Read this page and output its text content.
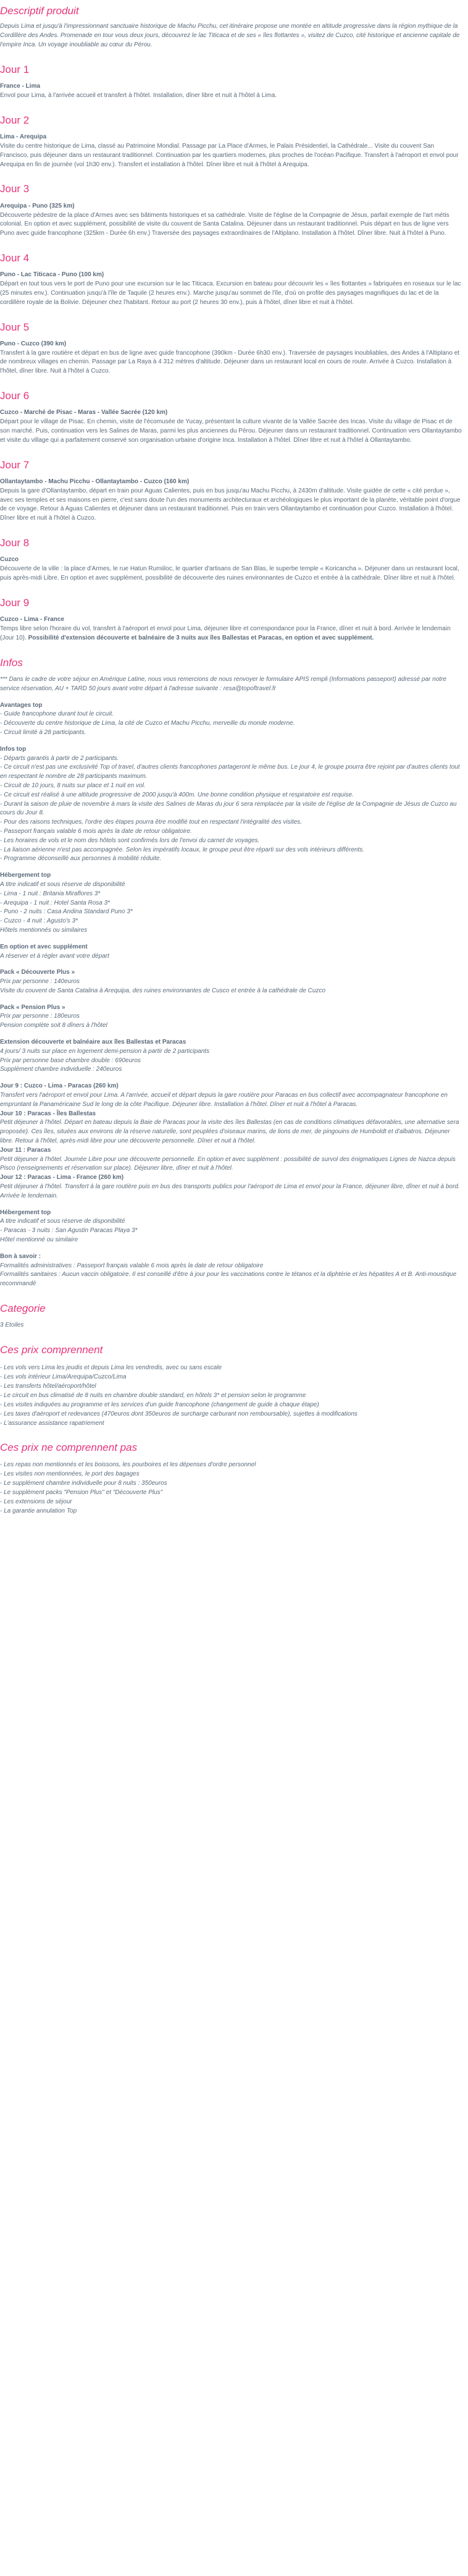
Descriptif produit

Depuis Lima et jusqu'à l'impressionnant sanctuaire historique de Machu Picchu, cet itinéraire propose une montée en altitude progressive dans la région mythique de la Cordillère des Andes. Promenade en tour vous deux jours, découvrez le lac Titicaca et de ses « îles flottantes », visitez de Cuzco, cité historique et ancienne capitale de l'empire Inca. Un voyage inoubliable au cœur du Pérou.

Jour 1

France - Lima

Envol pour Lima, à l'arrivée accueil et transfert à l'hôtel. Installation, dîner libre et nuit à l'hôtel à Lima.

Jour 2

Lima - Arequipa

Visite du centre historique de Lima, classé au Patrimoine Mondial. Passage par La Place d'Armes, le Palais Présidentiel, la Cathédrale... Visite du couvent San Francisco, puis déjeuner dans un restaurant traditionnel. Continuation par les quartiers modernes, plus proches de l'océan Pacifique. Transfert à l'aéroport et envol pour Arequipa en fin de journée (vol 1h30 env.). Transfert et installation à l'hôtel. Dîner libre et nuit à l'hôtel à Arequipa.

Jour 3

Arequipa - Puno (325 km)

Découverte pédestre de la place d'Armes avec ses bâtiments historiques et sa cathédrale. Visite de l'église de la Compagnie de Jésus, parfait exemple de l'art métis colonial. En option et avec supplément, possibilité de visite du couvent de Santa Catalina. Déjeuner dans un restaurant traditionnel. Puis départ en bus de ligne vers Puno avec guide francophone (325km - Durée 6h env.) Traversée des paysages extraordinaires de l'Altiplano. Installation à l'hôtel. Dîner libre. Nuit à l'hôtel à Puno.

Jour 4

Puno - Lac Titicaca - Puno (100 km)

Départ en tout tous vers le port de Puno pour une excursion sur le lac Titicaca. Excursion en bateau pour découvrir les « îles flottantes » fabriquées en roseaux sur le lac (25 minutes env.). Continuation jusqu'à l'île de Taquile (2 heures env.). Marche jusqu'au sommet de l'île, d'où on profite des paysages magnifiques du lac et de la cordillère royale de la Bolivie. Déjeuner chez l'habitant. Retour au port (2 heures 30 env.), puis à l'hôtel, dîner libre et nuit à l'hôtel.

Jour 5

Puno - Cuzco (390 km)

Transfert à la gare routière et départ en bus de ligne avec guide francophone (390km - Durée 6h30 env.). Traversée de paysages inoubliables, des Andes à l'Altiplano et de nombreux villages en chemin. Passage par La Raya à 4 312 mètres d'altitude. Déjeuner dans un restaurant local en cours de route. Arrivée à Cuzco. Installation à l'hôtel, dîner libre. Nuit à l'hôtel à Cuzco.

Jour 6

Cuzco - Marché de Pisac - Maras - Vallée Sacrée (120 km)

Départ pour le village de Pisac. En chemin, visite de l'écomusée de Yucay, présentant la culture vivante de la Vallée Sacrée des Incas. Visite du village de Pisac et de son marché. Puis, continuation vers les Salines de Maras, parmi les plus anciennes du Pérou. Déjeuner dans un restaurant traditionnel. Continuation vers Ollantaytambo et visite du village qui a parfaitement conservé son organisation urbaine d'origine Inca. Installation à l'hôtel. Dîner libre et nuit à l'hôtel à Ollantaytambo.

Jour 7

Ollantaytambo - Machu Picchu - Ollantaytambo - Cuzco (160 km)

Depuis la gare d'Ollantaytambo, départ en train pour Aguas Calientes, puis en bus jusqu'au Machu Picchu, à 2430m d'altitude. Visite guidée de cette « cité perdue », avec ses temples et ses maisons en pierre, c'est sans doute l'un des monuments architecturaux et archéologiques le plus important de la planète, véritable point d'orgue de ce voyage. Retour à Aguas Calientes et déjeuner dans un restaurant traditionnel. Puis en train vers Ollantaytambo et continuation pour Cuzco. Installation à l'hôtel. Dîner libre et nuit à l'hôtel à Cuzco.

Jour 8

Cuzco

Découverte de la ville : la place d'Armes, le rue Hatun Rumiiloc, le quartier d'artisans de San Blas, le superbe temple « Koricancha ». Déjeuner dans un restaurant local, puis après-midi Libre. En option et avec supplément, possibilité de découverte des ruines environnantes de Cuzco et entrée à la cathédrale. Dîner libre et nuit à l'hôtel.

Jour 9

Cuzco - Lima - France

Temps libre selon l'horaire du vol, transfert à l'aéroport et envol pour Lima, déjeuner libre et correspondance pour la France, dîner et nuit à bord. Arrivée le lendemain (Jour 10). Possibilité d'extension découverte et balnéaire de 3 nuits aux îles Ballestas et Paracas, en option et avec supplément.

Infos

*** Dans le cadre de votre séjour en Amérique Latine, nous vous remercions de nous renvoyer le formulaire APIS rempli (Informations passeport) adressé par notre service réservation, AU + TARD 50 jours avant votre départ à l'adresse suivante : resa@topoftravel.fr

Avantages top

- Guide francophone durant tout le circuit.

- Découverte du centre historique de Lima, la cité de Cuzco et Machu Picchu, merveille du monde moderne.

- Circuit limité à 28 participants.

Infos top

- Départs garantis à partir de 2 participants.

- Ce circuit n'est pas une exclusivité Top of travel, d'autres clients francophones partageront le même bus. Le jour 4, le groupe pourra être rejoint par d'autres clients tout en respectant le nombre de 28 participants maximum.

- Circuit de 10 jours, 8 nuits sur place et 1 nuit en vol.

- Ce circuit est réalisé à une altitude progressive de 2000 jusqu'à 400m. Une bonne condition physique et respiratoire est requise.

- Durant la saison de pluie de novembre à mars la visite des Salines de Maras du jour 6 sera remplacée par la visite de l'église de la Compagnie de Jésus de Cuzco au cours du Jour 8.

- Pour des raisons techniques, l'ordre des étapes pourra être modifié tout en respectant l'intégralité des visites.

- Passeport français valable 6 mois après la date de retour obligatoire.

- Les horaires de vols et le nom des hôtels sont confirmés lors de l'envoi du carnet de voyages.

- La liaison aérienne n'est pas accompagnée. Selon les impératifs locaux, le groupe peut être réparti sur des vols intérieurs différents.

- Programme déconseillé aux personnes à mobilité réduite.

Hébergement top

A titre indicatif et sous réserve de disponibilité

- Lima - 1 nuit : Britania Miraflores 3*

- Arequipa - 1 nuit : Hotel Santa Rosa 3*

- Puno - 2 nuits : Casa Andina Standard Puno 3*

- Cuzco - 4 nuit : Agusto's 3*

Hôtels mentionnés ou similaires

En option et avec supplément

A réserver et à régler avant votre départ

Pack « Découverte Plus »

Prix par personne : 140euros

Visite du couvent de Santa Catalina à Arequipa, des ruines environnantes de Cusco et entrée à la cathédrale de Cuzco

Pack « Pension Plus »

Prix par personne : 180euros

Pension complète soit 8 dîners à l'hôtel

Extension découverte et balnéaire aux îles Ballestas et Paracas

4 jours/ 3 nuits sur place en logement demi-pension à partir de 2 participants

Prix par personne base chambre double : 690euros

Supplément chambre individuelle : 240euros

Jour 9 : Cuzco - Lima - Paracas (260 km)

Transfert vers l'aéroport et envol pour Lima. A l'arrivée, accueil et départ depuis la gare routière pour Paracas en bus collectif avec accompagnateur francophone en empruntant la Panaméricaine Sud le long de la côte Pacifique. Déjeuner libre. Installation à l'hôtel. Dîner et nuit à l'hôtel à Paracas.

Jour 10 : Paracas - Îles Ballestas

Petit déjeuner à l'hôtel. Départ en bateau depuis la Baie de Paracas pour la visite des îles Ballestas (en cas de conditions climatiques défavorables, une alternative sera proposée). Ces îles, situées aux environs de la réserve naturelle, sont peuplées d'oiseaux marins, de lions de mer, de pingouins de Humboldt et d'albatros. Déjeuner libre. Retour à l'hôtel, après-midi libre pour une découverte personnelle. Dîner et nuit à l'hôtel.

Jour 11 : Paracas

Petit déjeuner à l'hôtel. Journée Libre pour une découverte personnelle. En option et avec supplément : possibilité de survol des énigmatiques Lignes de Nazca depuis Pisco (renseignements et réservation sur place). Déjeuner libre, dîner et nuit à l'hôtel.

Jour 12 : Paracas - Lima - France (260 km)

Petit déjeuner à l'hôtel. Transfert à la gare routière puis en bus des transports publics pour l'aéroport de Lima et envol pour la France, déjeuner libre, dîner et nuit à bord. Arrivée le lendemain.

Hébergement top

A titre indicatif et sous réserve de disponibilité

- Paracas - 3 nuits : San Agustin Paracas Playa 3*

Hôtel mentionné ou similaire

Bon à savoir :

Formalités administratives : Passeport français valable 6 mois après la date de retour obligatoire

Formalités sanitaires : Aucun vaccin obligatoire. Il est conseillé d'être à jour pour les vaccinations contre le tétanos et la diphtérie et les hépatites A et B. Anti-moustique recommandé

Categorie

3 Etoiles

Ces prix comprennent
- Les vols vers Lima les jeudis et depuis Lima les vendredis, avec ou sans escale
- Les vols intérieur Lima/Arequipa/Cuzco/Lima
- Les transferts hôtel/aéroport/hôtel
- Le circuit en bus climatisé de 8 nuits en chambre double standard, en hôtels 3* et pension selon le programme
- Les visites indiquées au programme et les services d'un guide francophone (changement de guide à chaque étape)
- Les taxes d'aéroport et redevances (470euros dont 350euros de surcharge carburant non remboursable), sujettes à modifications
- L'assurance assistance rapatriement
Ces prix ne comprennent pas
- Les repas non mentionnés et les boissons, les pourboires et les dépenses d'ordre personnel
- Les visites non mentionnées, le port des bagages
- Le supplément chambre individuelle pour 8 nuits : 350euros
- Le supplément packs "Pension Plus" et "Découverte Plus"
- Les extensions de séjour
- La garantie annulation Top
